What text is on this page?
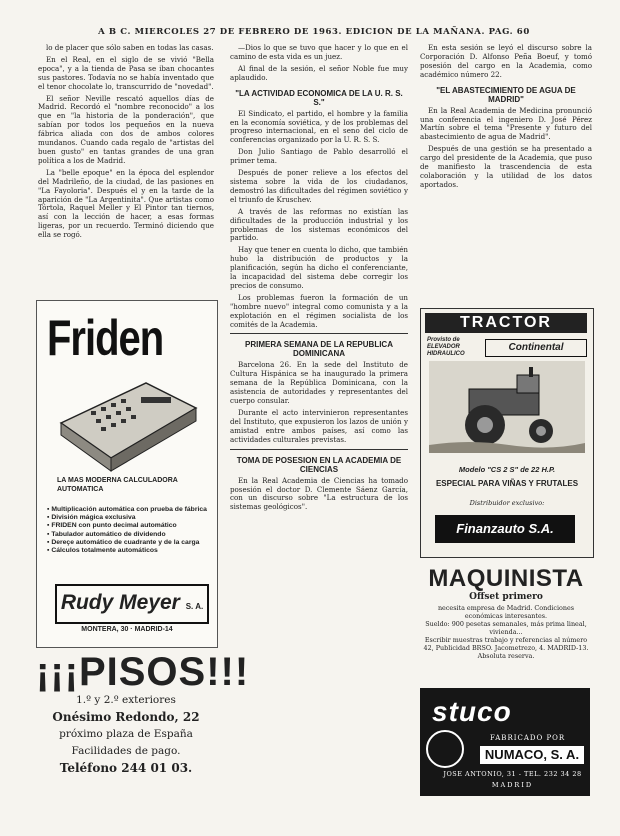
A B C. MIERCOLES 27 DE FEBRERO DE 1963. EDICION DE LA MAÑANA. PAG. 60

lo de placer que sólo saben en todas las casas.

En el Real, en el siglo de se vivió "Bella epoca", y a la tienda de Pasa se iban chocantes sus pastores. Todavía no se había inventado que el tenor chocolate lo, transcurrido de "novedad".

El señor Neville rescató aquellos días de Madrid. Recordó el "nombre reconocido" a los que en "la historia de la ponderación", que sabían por todos los pequeños en la nueva fábrica aliada con dos de ambos colores mundanos. Cuando cada regalo de "artistas del buen gusto" en tantas grandes de una gran política a los de Madrid.

La "belle epoque" en la época del esplendor del Madrileño, de la ciudad, de las pasiones en "La Fayoloria". Después el y en la tarde de la aparición de "La Argentinita". Que artistas como Tórtola, Raquel Meller y El Pintor tan tiernos, así con la lección de hacer, a esas formas ligeras, por un recuerdo. Terminó diciendo que ella se rogó.

—Dios lo que se tuvo que hacer y lo que en el camino de esta vida es un juez.

Al final de la sesión, el señor Noble fue muy aplaudido.

"LA ACTIVIDAD ECONOMICA DE LA U. R. S. S."

El Sindicato, el partido, el hombre y la familia en la economía soviética, y de los problemas del progreso internacional, en el seno del ciclo de conferencias organizado por la U. R. S. S.

Don Julio Santiago de Pablo desarrolló el primer tema.

Después de poner relieve a los efectos del sistema sobre la vida de los ciudadanos, demostró las dificultades del régimen soviético y el triunfo de Kruschev.

A través de las reformas no existían las dificultades de la producción industrial y los problemas de los sistemas económicos del partido.

Hay que tener en cuenta lo dicho, que también hubo la distribución de productos y la planificación, según ha dicho el conferenciante, la incapacidad del sistema debe corregir los precios de consumo.

Los problemas fueron la formación de un "hombre nuevo" integral como comunista y a la explotación en el régimen socialista de los comités de la Academia.

PRIMERA SEMANA DE LA REPUBLICA DOMINICANA

Barcelona 26. En la sede del Instituto de Cultura Hispánica se ha inaugurado la primera semana de la República Dominicana, con la asistencia de autoridades y representantes del cuerpo consular.

Durante el acto intervinieron representantes del Instituto, que expusieron los lazos de unión y amistad entre ambos países, así como las actividades culturales previstas.

TOMA DE POSESION EN LA ACADEMIA DE CIENCIAS

En la Real Academia de Ciencias ha tomado posesión el doctor D. Clemente Sáenz García, con un discurso sobre "La estructura de los sistemas geológicos".

En esta sesión se leyó el discurso sobre la Corporación D. Alfonso Peña Boeuf, y tomó posesión del cargo en la Academia, como académico número 22.

"EL ABASTECIMIENTO DE AGUA DE MADRID"

En la Real Academia de Medicina pronunció una conferencia el ingeniero D. José Pérez Martín sobre el tema "Presente y futuro del abastecimiento de agua de Madrid".

Después de una gestión se ha presentado a cargo del presidente de la Academia, que puso de manifiesto la trascendencia de esta colaboración y la utilidad de los datos aportados.

Friden
LA MAS MODERNA CALCULADORA AUTOMATICA
▪ Multiplicación automática con prueba de fábrica
▪ División mágica exclusiva
▪ FRIDEN con punto decimal automático
▪ Tabulador automático de dividendo
▪ Dereçe automático de cuadrante y de la carga
▪ Cálculos totalmente automáticos
Rudy Meyer S. A.
MONTERA, 30 · MADRID-14
¡¡¡PISOS!!!
1.º y 2.º exteriores
Onésimo Redondo, 22
próximo plaza de España
Facilidades de pago.
Teléfono 244 01 03.
TRACTOR
Provisto de ELEVADOR HIDRAULICO
Continental
Modelo "CS 2 S" de 22 H.P.
ESPECIAL PARA VIÑAS Y FRUTALES
Distribuidor exclusivo:
Finanzauto S.A.
MAQUINISTA
Offset primero

necesita empresa de Madrid. Condiciones económicas interesantes.

Sueldo: 900 pesetas semanales, más prima lineal, vivienda...

Escribir muestras trabajo y referencias al número 42, Publicidad BRSO. Jacometrezo, 4. MADRID-13.

Absoluta reserva.

stuco
FABRICADO POR
NUMACO, S. A.
JOSE ANTONIO, 31 - TEL. 232 34 28
MADRID
